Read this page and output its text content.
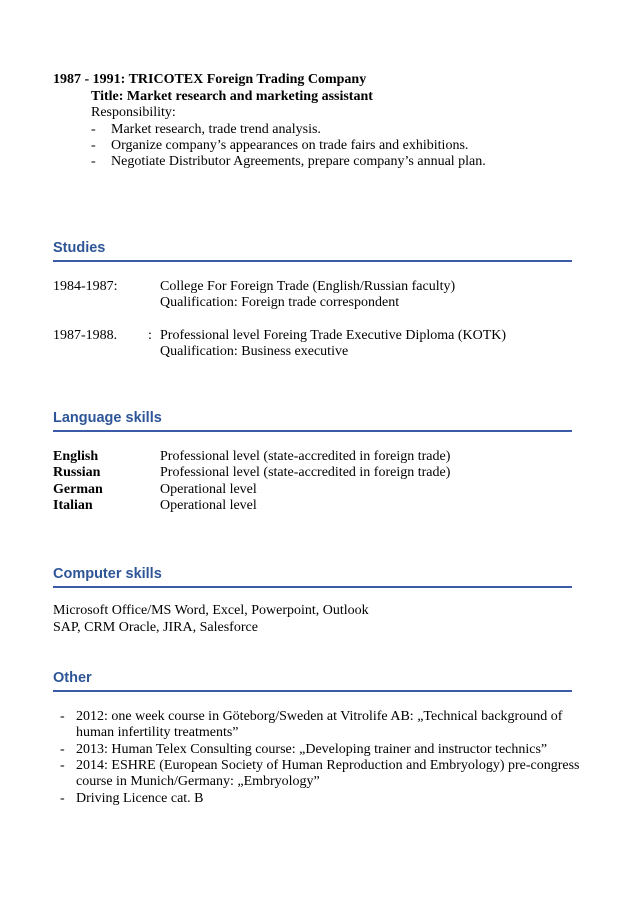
1987 - 1991: TRICOTEX Foreign Trading Company
Title: Market research and marketing assistant
Responsibility:
- Market research, trade trend analysis.
- Organize company’s appearances on trade fairs and exhibitions.
- Negotiate Distributor Agreements, prepare company’s annual plan.
Studies
1984-1987:	College For Foreign Trade (English/Russian faculty)
Qualification: Foreign trade correspondent
1987-1988. : Professional level Foreing Trade Executive Diploma (KOTK)
Qualification: Business executive
Language skills
English	Professional level (state-accredited in foreign trade)
Russian	Professional level (state-accredited in foreign trade)
German	Operational level
Italian	Operational level
Computer skills
Microsoft Office/MS Word, Excel, Powerpoint, Outlook
SAP, CRM Oracle, JIRA, Salesforce
Other
- 2012: one week course in Göteborg/Sweden at Vitrolife AB: „Technical background of
human infertility treatments”
- 2013: Human Telex Consulting course: „Developing trainer and instructor technics”
- 2014: ESHRE (European Society of Human Reproduction and Embryology) pre-congress
course in Munich/Germany: „Embryology”
- Driving Licence cat. B
